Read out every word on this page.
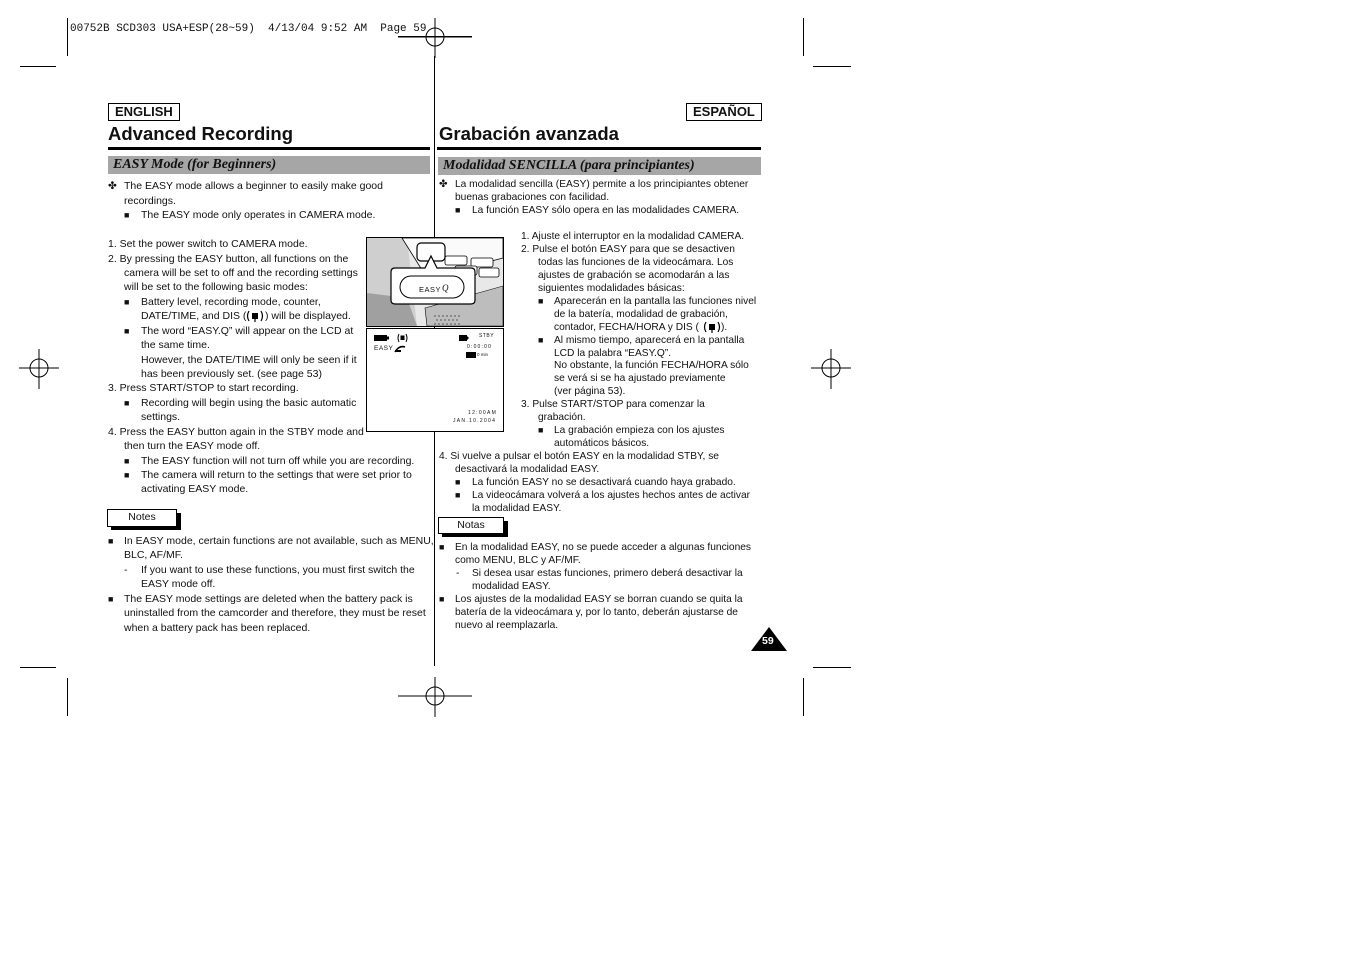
00752B SCD303 USA+ESP(28~59)  4/13/04 9:52 AM  Page 59
ENGLISH
Advanced Recording
EASY Mode (for Beginners)
✤ The EASY mode allows a beginner to easily make good
recordings.
■ The EASY mode only operates in CAMERA mode.
1. Set the power switch to CAMERA mode.
2. By pressing the EASY button, all functions on the
camera will be set to off and the recording settings
will be set to the following basic modes:
■ Battery level, recording mode, counter,
DATE/TIME, and DIS ( ) will be displayed.
■ The word “EASY.Q” will appear on the LCD at
the same time.
However, the DATE/TIME will only be seen if it
has been previously set. (see page 53)
3. Press START/STOP to start recording.
■ Recording will begin using the basic automatic
settings.
4. Press the EASY button again in the STBY mode and
then turn the EASY mode off.
■ The EASY function will not turn off while you are recording.
■ The camera will return to the settings that were set prior to
activating EASY mode.
Notes
■ In EASY mode, certain functions are not available, such as MENU,
BLC, AF/MF.
- If you want to use these functions, you must first switch the
EASY mode off.
■ The EASY mode settings are deleted when the battery pack is
uninstalled from the camcorder and therefore, they must be reset
when a battery pack has been replaced.
EASY Q
STBY
EASY	0:00:00
0 min
12:00AM
JAN.10.2004
ESPAÑOL
Grabación avanzada
Modalidad SENCILLA (para principiantes)
✤ La modalidad sencilla (EASY) permite a los principiantes obtener
buenas grabaciones con facilidad.
■ La función EASY sólo opera en las modalidades CAMERA.
1. Ajuste el interruptor en la modalidad CAMERA.
2. Pulse el botón EASY para que se desactiven
todas las funciones de la videocámara. Los
ajustes de grabación se acomodarán a las
siguientes modalidades básicas:
■ Aparecerán en la pantalla las funciones nivel
de la batería, modalidad de grabación,
contador, FECHA/HORA y DIS ( ).
■ Al mismo tiempo, aparecerá en la pantalla
LCD la palabra “EASY.Q”.
No obstante, la función FECHA/HORA sólo
se verá si se ha ajustado previamente
(ver página 53).
3. Pulse START/STOP para comenzar la
grabación.
■ La grabación empieza con los ajustes
automáticos básicos.
4. Si vuelve a pulsar el botón EASY en la modalidad STBY, se
desactivará la modalidad EASY.
■ La función EASY no se desactivará cuando haya grabado.
■ La videocámara volverá a los ajustes hechos antes de activar
la modalidad EASY.
Notas
■ En la modalidad EASY, no se puede acceder a algunas funciones
como MENU, BLC y AF/MF.
- Si desea usar estas funciones, primero deberá desactivar la
modalidad EASY.
■ Los ajustes de la modalidad EASY se borran cuando se quita la
batería de la videocámara y, por lo tanto, deberán ajustarse de
nuevo al reemplazarla.
59
